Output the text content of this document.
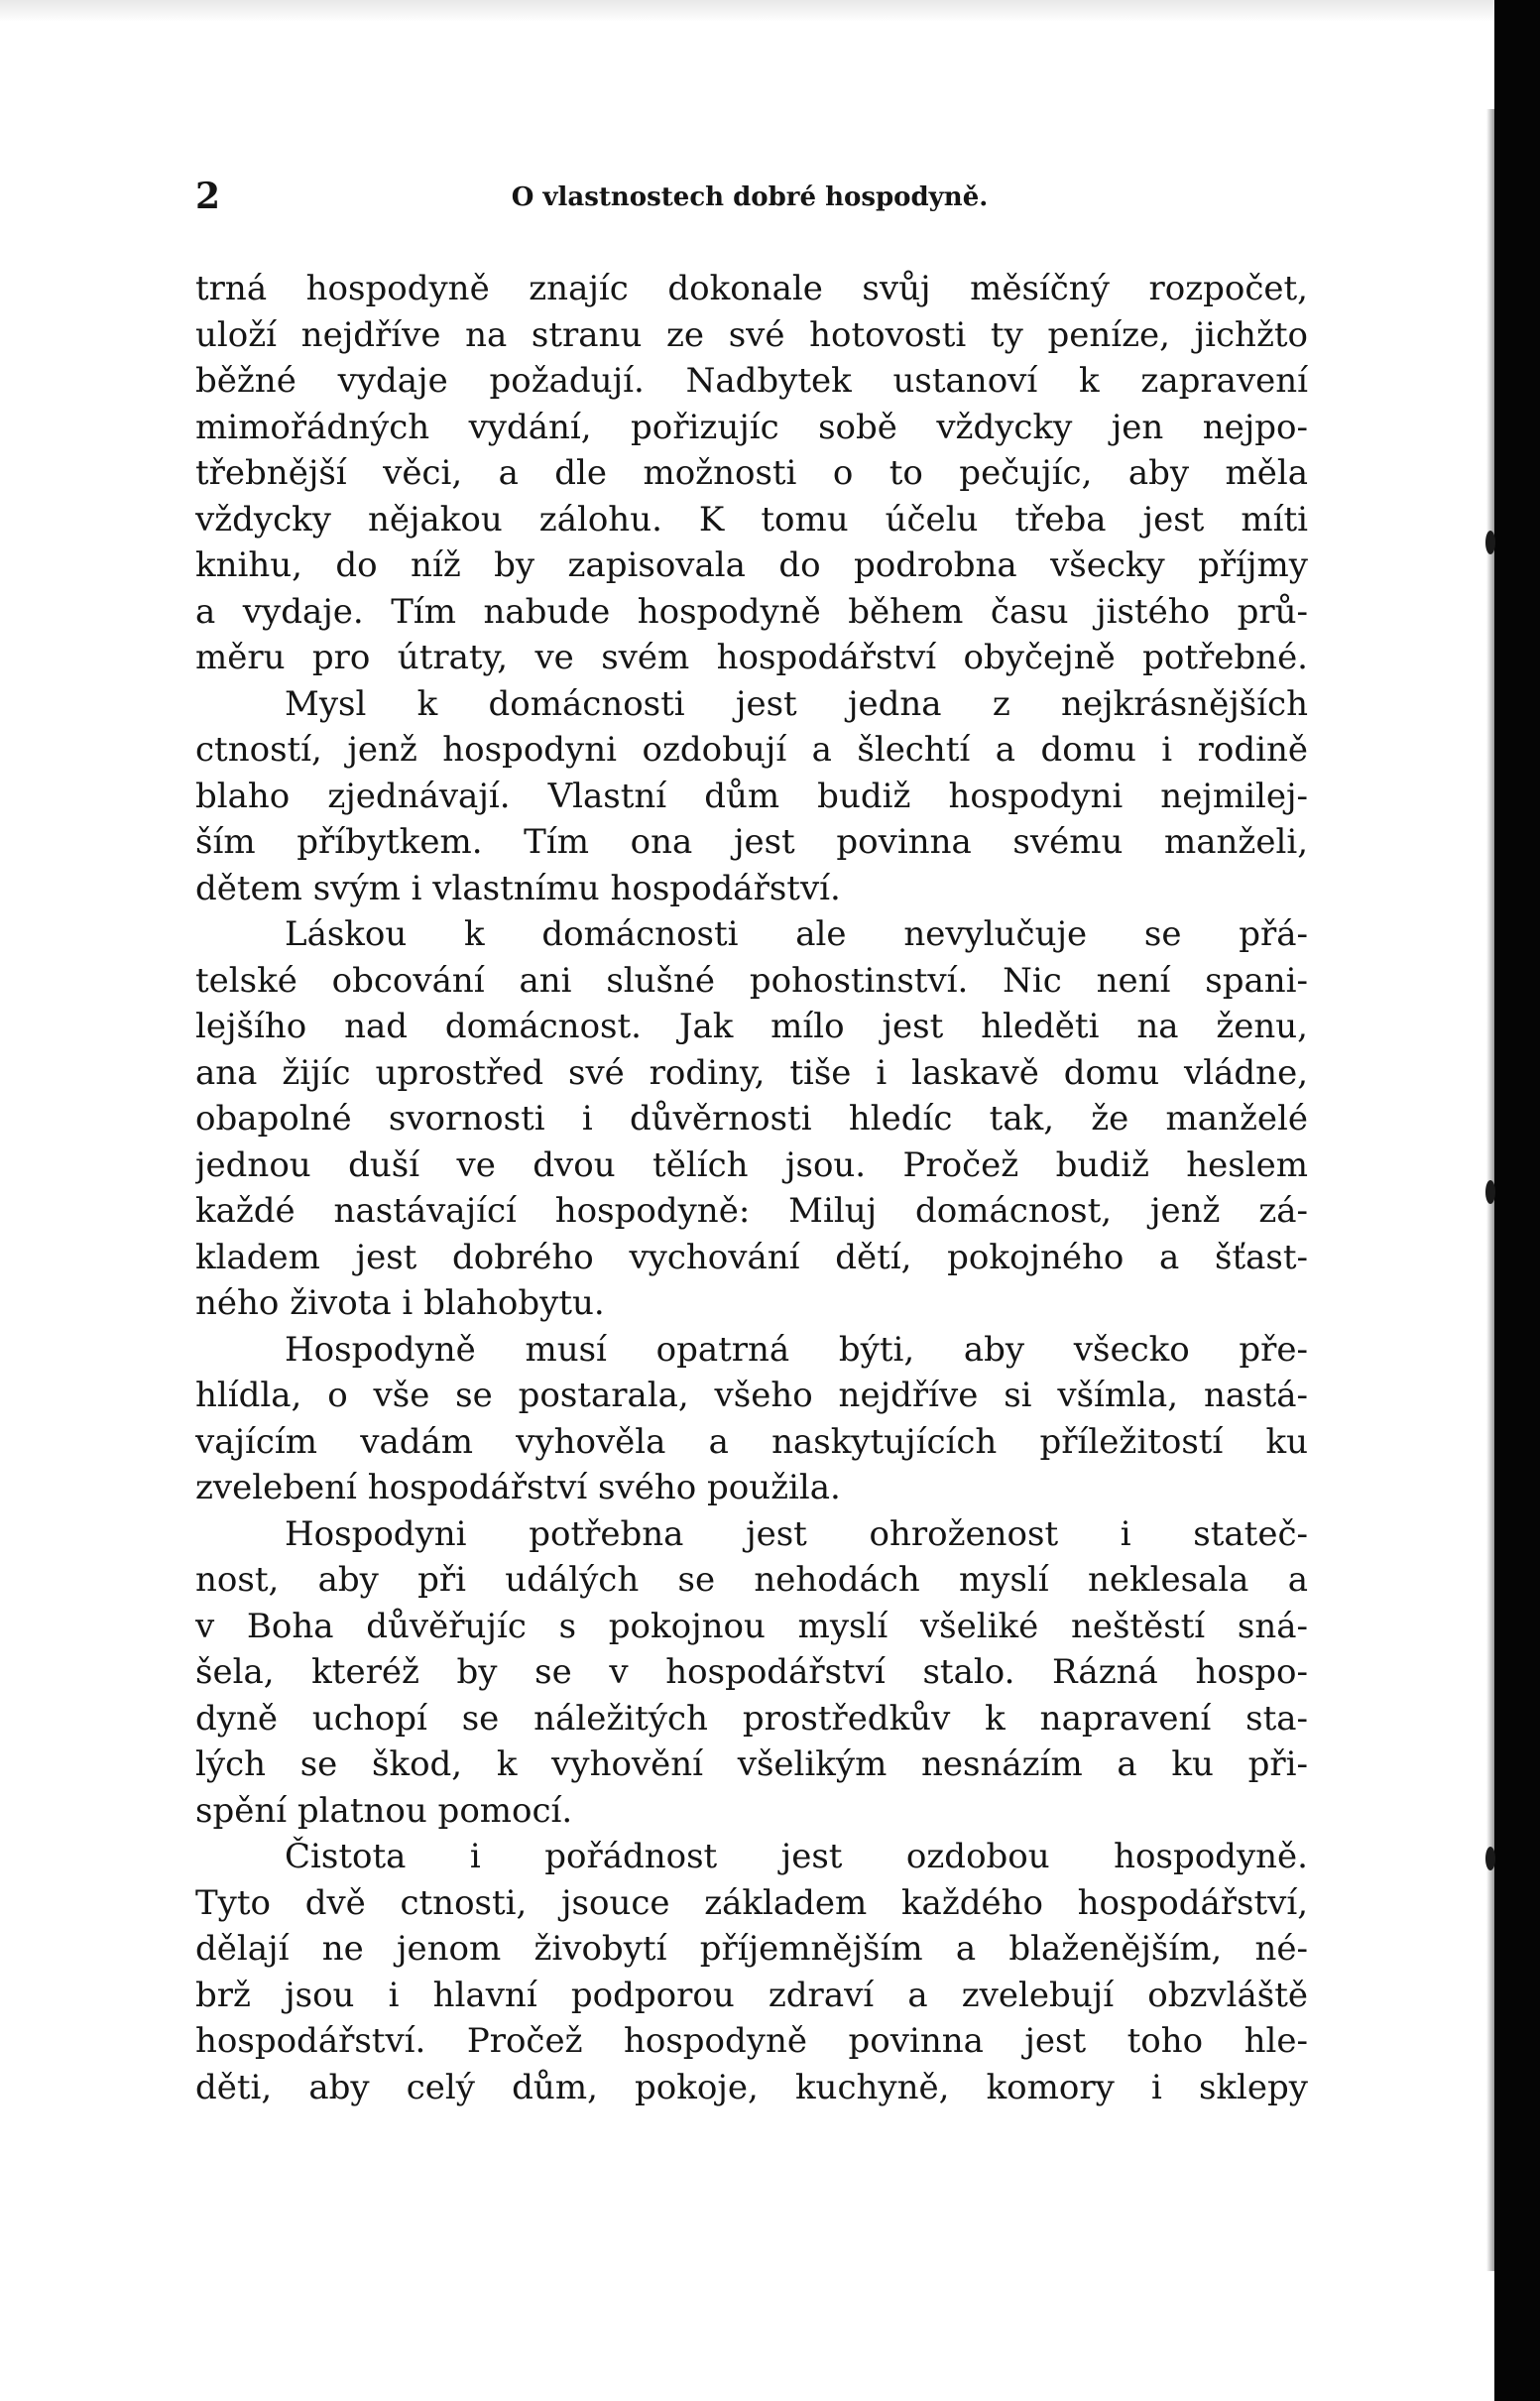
2	O vlastnostech dobré hospodyně.
trná hospodyně znajíc dokonale svůj měsíčný rozpočet,
uloží nejdříve na stranu ze své hotovosti ty peníze, jichžto
běžné vydaje požadují. Nadbytek ustanoví k zapravení
mimořádných vydání, pořizujíc sobě vždycky jen nejpo-
třebnější věci, a dle možnosti o to pečujíc, aby měla
vždycky nějakou zálohu. K tomu účelu třeba jest míti
knihu, do níž by zapisovala do podrobna všecky příjmy
a vydaje. Tím nabude hospodyně během času jistého prů-
měru pro útraty, ve svém hospodářství obyčejně potřebné.
Mysl k domácnosti jest jedna z nejkrásnějších
ctností, jenž hospodyni ozdobují a šlechtí a domu i rodině
blaho zjednávají. Vlastní dům budiž hospodyni nejmilej-
ším příbytkem. Tím ona jest povinna svému manželi,
dětem svým i vlastnímu hospodářství.
Láskou k domácnosti ale nevylučuje se přá-
telské obcování ani slušné pohostinství. Nic není spani-
lejšího nad domácnost. Jak mílo jest hleděti na ženu,
ana žijíc uprostřed své rodiny, tiše i laskavě domu vládne,
obapolné svornosti i důvěrnosti hledíc tak, že manželé
jednou duší ve dvou tělích jsou. Pročež budiž heslem
každé nastávající hospodyně: Miluj domácnost, jenž zá-
kladem jest dobrého vychování dětí, pokojného a šťast-
ného života i blahobytu.
Hospodyně musí opatrná býti, aby všecko pře-
hlídla, o vše se postarala, všeho nejdříve si všímla, nastá-
vajícím vadám vyhověla a naskytujících příležitostí ku
zvelebení hospodářství svého použila.
Hospodyni potřebna jest ohroženost i stateč-
nost, aby při událých se nehodách myslí neklesala a
v Boha důvěřujíc s pokojnou myslí všeliké neštěstí sná-
šela, kteréž by se v hospodářství stalo. Rázná hospo-
dyně uchopí se náležitých prostředkův k napravení sta-
lých se škod, k vyhovění všelikým nesnázím a ku při-
spění platnou pomocí.
Čistota i pořádnost jest ozdobou hospodyně.
Tyto dvě ctnosti, jsouce základem každého hospodářství,
dělají ne jenom živobytí příjemnějším a blaženějším, né-
brž jsou i hlavní podporou zdraví a zvelebují obzvláště
hospodářství. Pročež hospodyně povinna jest toho hle-
děti, aby celý dům, pokoje, kuchyně, komory i sklepy
